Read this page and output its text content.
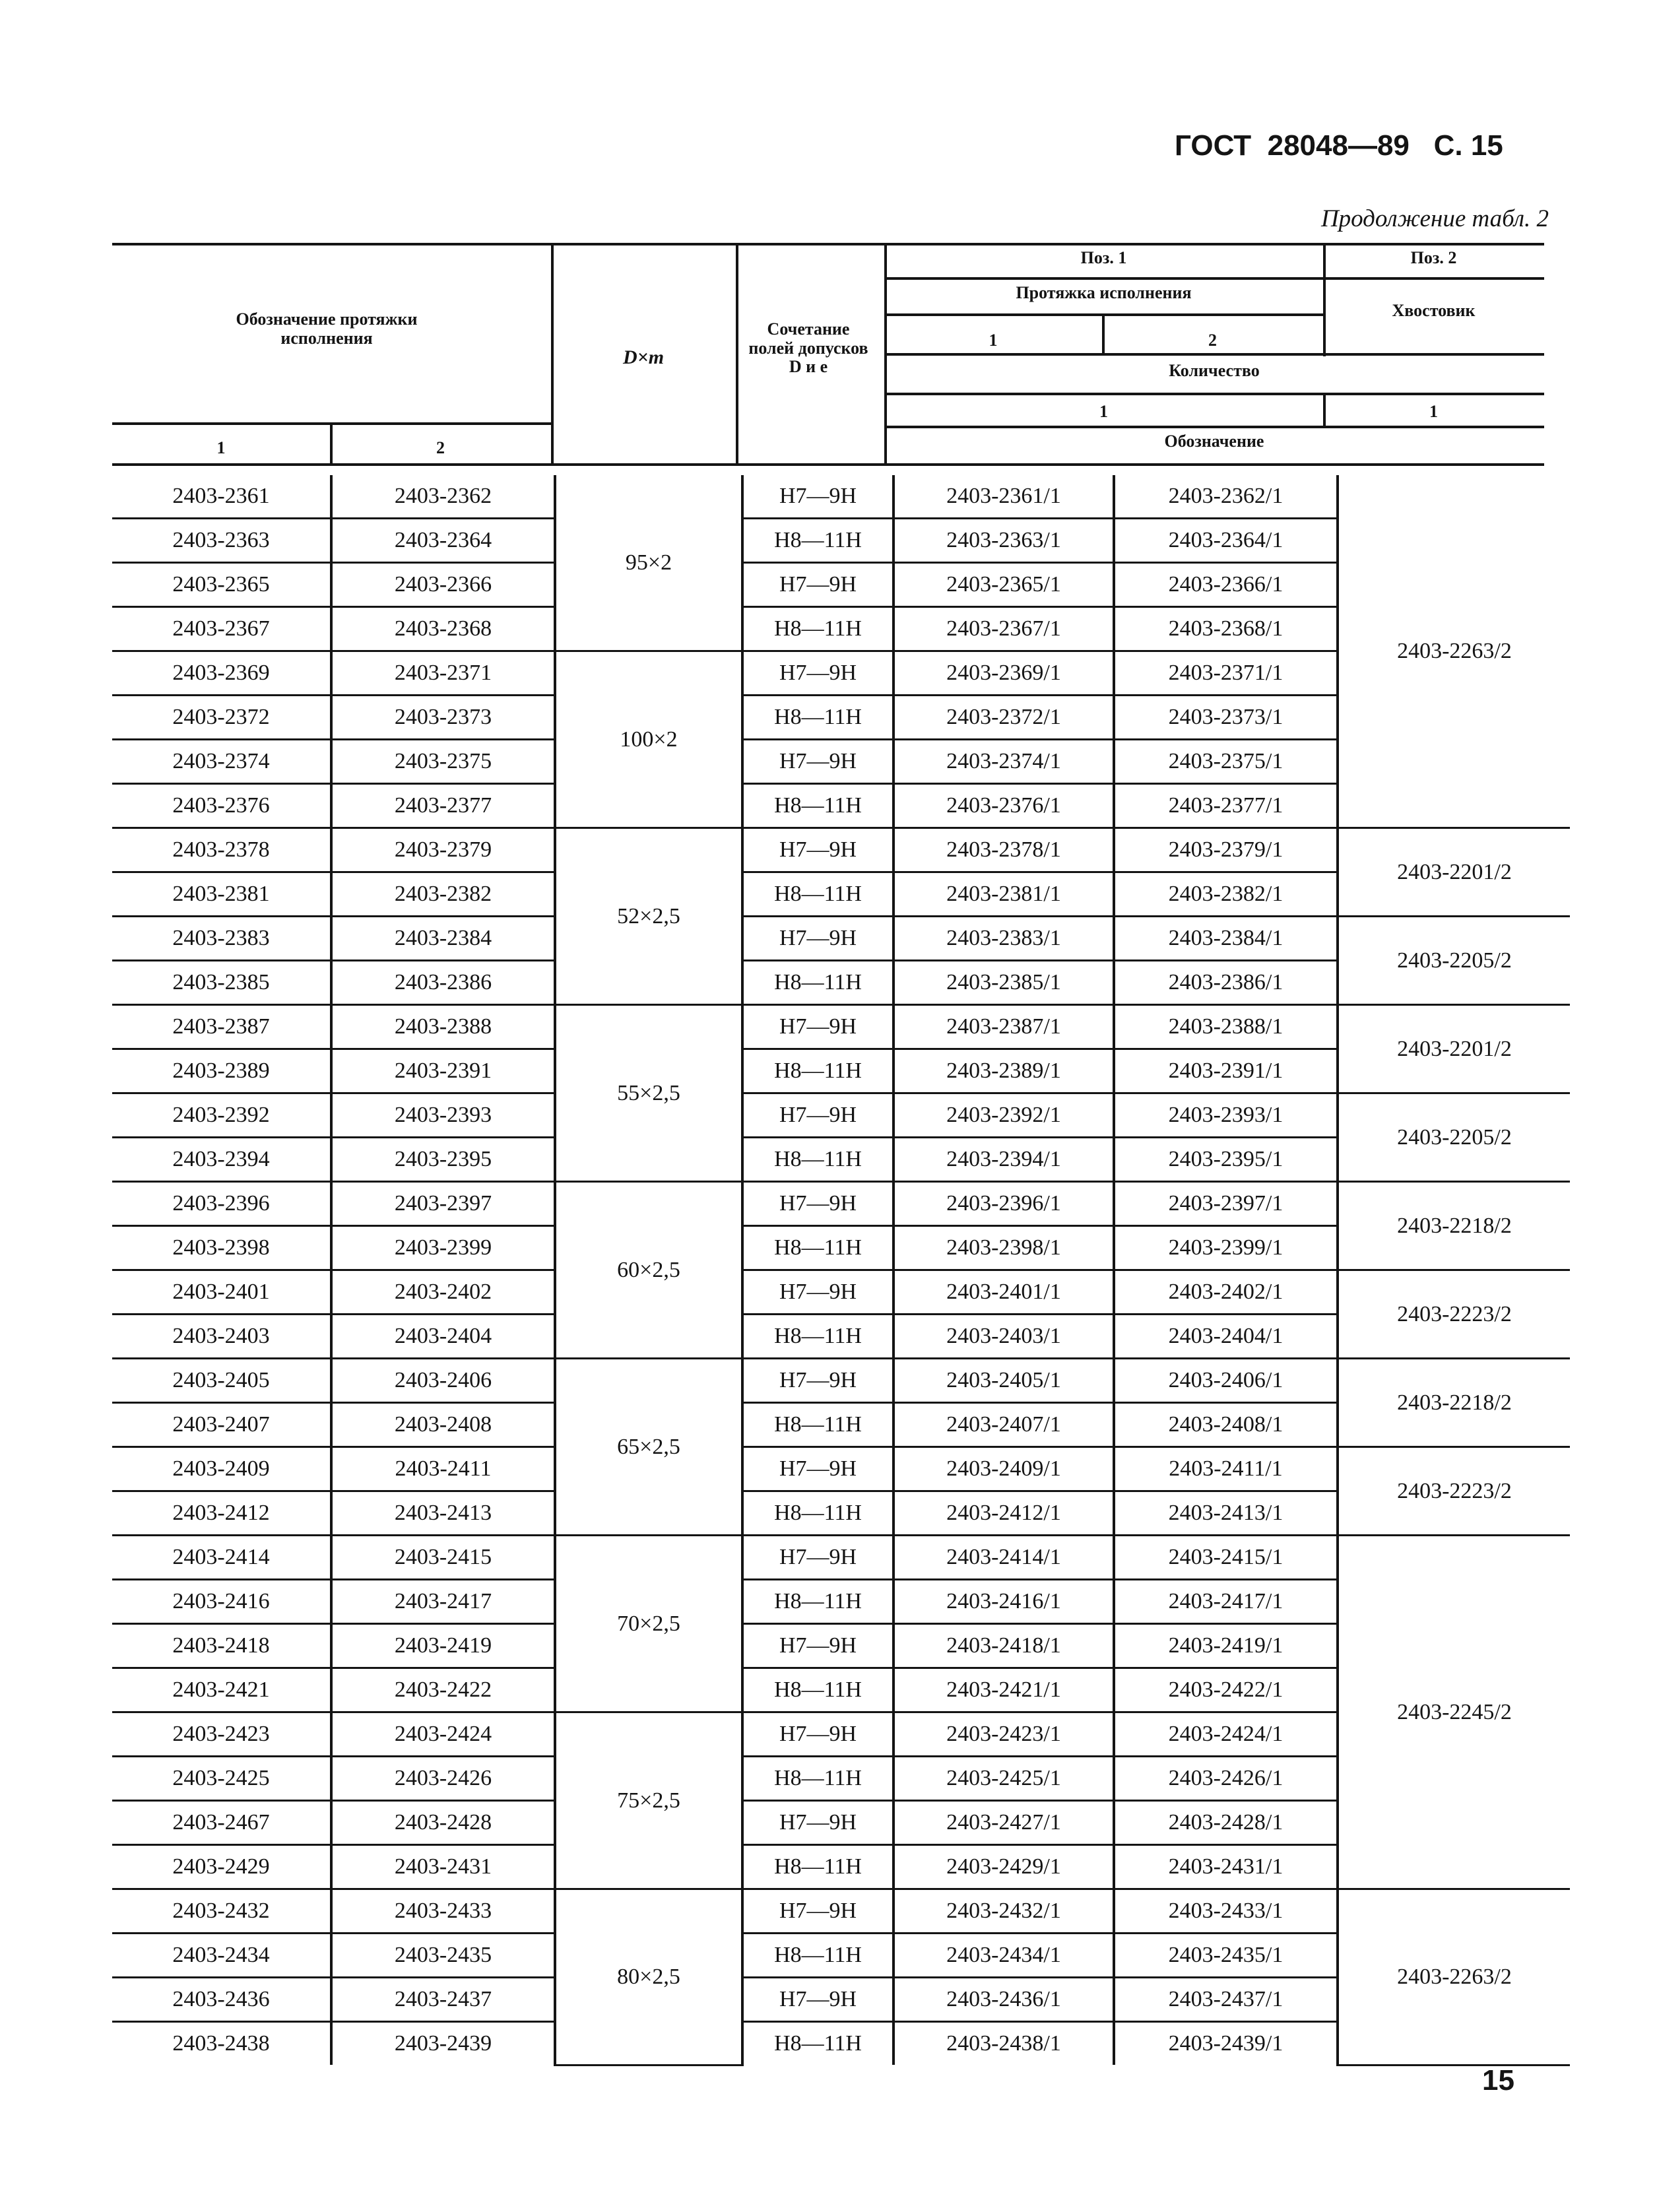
ГОСТ 28048—89 С. 15
Продолжение табл. 2
Обозначение протяжки исполнения
1	2
D×m
Сочетание полей допусков D и e
Поз. 1	Поз. 2
Протяжка исполнения
Хвостовик
1	2
Количество
1	1
Обозначение
2403-2361	2403-2362	95×2	H7—9H	2403-2361/1	2403-2362/1	2403-2263/2
2403-2363	2403-2364		H8—11H	2403-2363/1	2403-2364/1	
2403-2365	2403-2366		H7—9H	2403-2365/1	2403-2366/1	
2403-2367	2403-2368		H8—11H	2403-2367/1	2403-2368/1	
2403-2369	2403-2371	100×2	H7—9H	2403-2369/1	2403-2371/1	
2403-2372	2403-2373		H8—11H	2403-2372/1	2403-2373/1	
2403-2374	2403-2375		H7—9H	2403-2374/1	2403-2375/1	
2403-2376	2403-2377		H8—11H	2403-2376/1	2403-2377/1	
2403-2378	2403-2379	52×2,5	H7—9H	2403-2378/1	2403-2379/1	2403-2201/2
2403-2381	2403-2382		H8—11H	2403-2381/1	2403-2382/1	
2403-2383	2403-2384		H7—9H	2403-2383/1	2403-2384/1	2403-2205/2
2403-2385	2403-2386		H8—11H	2403-2385/1	2403-2386/1	
2403-2387	2403-2388	55×2,5	H7—9H	2403-2387/1	2403-2388/1	2403-2201/2
2403-2389	2403-2391		H8—11H	2403-2389/1	2403-2391/1	
2403-2392	2403-2393		H7—9H	2403-2392/1	2403-2393/1	2403-2205/2
2403-2394	2403-2395		H8—11H	2403-2394/1	2403-2395/1	
2403-2396	2403-2397	60×2,5	H7—9H	2403-2396/1	2403-2397/1	2403-2218/2
2403-2398	2403-2399		H8—11H	2403-2398/1	2403-2399/1	
2403-2401	2403-2402		H7—9H	2403-2401/1	2403-2402/1	2403-2223/2
2403-2403	2403-2404		H8—11H	2403-2403/1	2403-2404/1	
2403-2405	2403-2406	65×2,5	H7—9H	2403-2405/1	2403-2406/1	2403-2218/2
2403-2407	2403-2408		H8—11H	2403-2407/1	2403-2408/1	
2403-2409	2403-2411		H7—9H	2403-2409/1	2403-2411/1	2403-2223/2
2403-2412	2403-2413		H8—11H	2403-2412/1	2403-2413/1	
2403-2414	2403-2415	70×2,5	H7—9H	2403-2414/1	2403-2415/1	2403-2245/2
2403-2416	2403-2417		H8—11H	2403-2416/1	2403-2417/1	
2403-2418	2403-2419		H7—9H	2403-2418/1	2403-2419/1	
2403-2421	2403-2422		H8—11H	2403-2421/1	2403-2422/1	
2403-2423	2403-2424	75×2,5	H7—9H	2403-2423/1	2403-2424/1	
2403-2425	2403-2426		H8—11H	2403-2425/1	2403-2426/1	
2403-2467	2403-2428		H7—9H	2403-2427/1	2403-2428/1	
2403-2429	2403-2431		H8—11H	2403-2429/1	2403-2431/1	
2403-2432	2403-2433	80×2,5	H7—9H	2403-2432/1	2403-2433/1	2403-2263/2
2403-2434	2403-2435		H8—11H	2403-2434/1	2403-2435/1	
2403-2436	2403-2437		H7—9H	2403-2436/1	2403-2437/1	
2403-2438	2403-2439		H8—11H	2403-2438/1	2403-2439/1	
15
